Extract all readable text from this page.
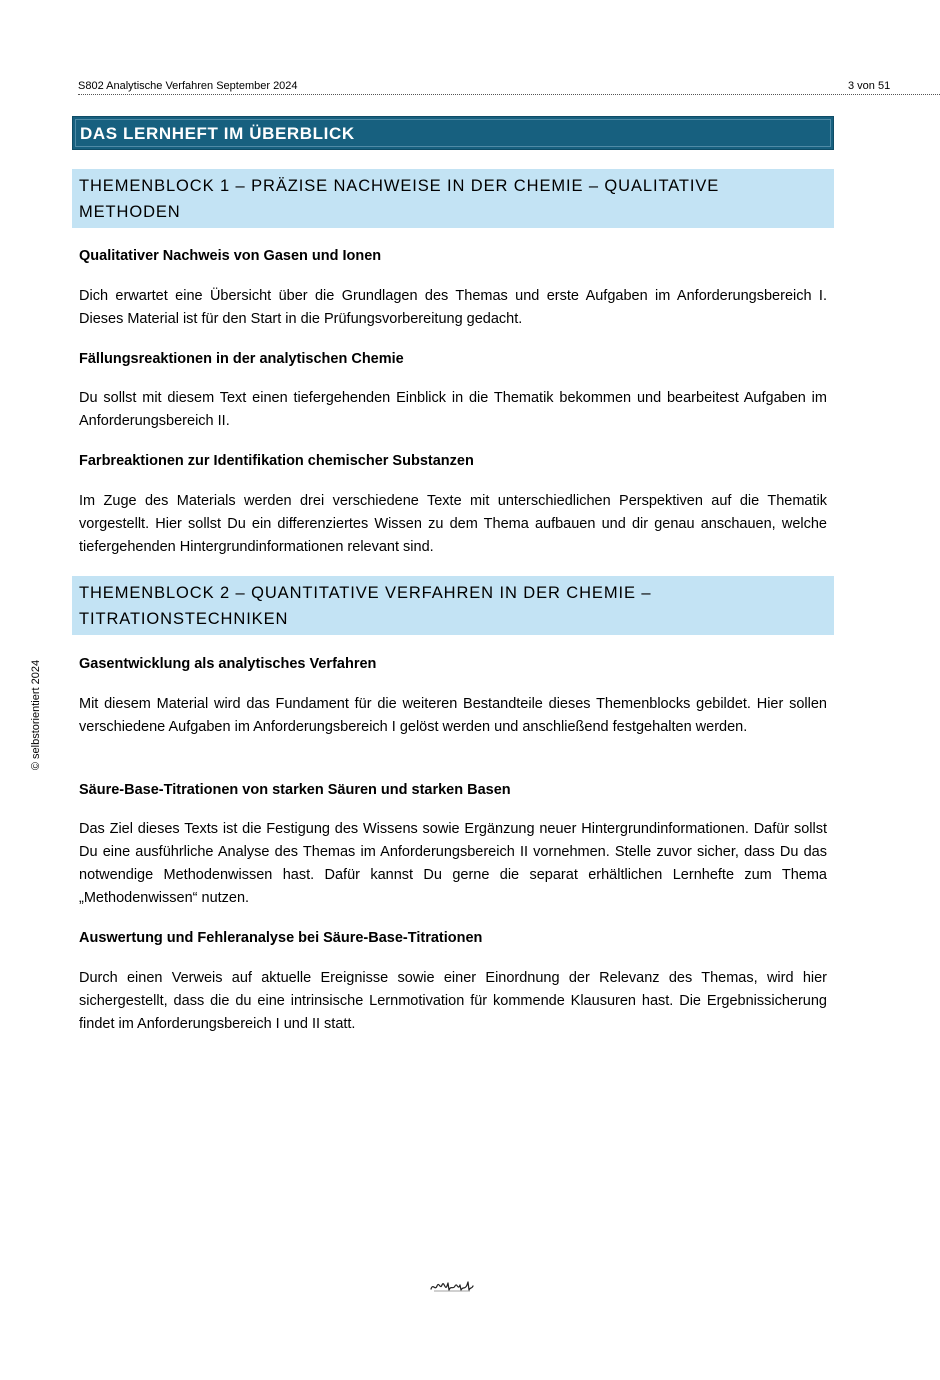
S802 Analytische Verfahren September 2024	3 von 51
© selbstorientiert 2024
DAS LERNHEFT IM ÜBERBLICK
THEMENBLOCK 1 – PRÄZISE NACHWEISE IN DER CHEMIE – QUALITATIVE METHODEN
Qualitativer Nachweis von Gasen und Ionen
Dich erwartet eine Übersicht über die Grundlagen des Themas und erste Aufgaben im Anforderungsbereich I. Dieses Material ist für den Start in die Prüfungsvorbereitung gedacht.
Fällungsreaktionen in der analytischen Chemie
Du sollst mit diesem Text einen tiefergehenden Einblick in die Thematik bekommen und bearbeitest Aufgaben im Anforderungsbereich II.
Farbreaktionen zur Identifikation chemischer Substanzen
Im Zuge des Materials werden drei verschiedene Texte mit unterschiedlichen Perspektiven auf die Thematik vorgestellt. Hier sollst Du ein differenziertes Wissen zu dem Thema aufbauen und dir genau anschauen, welche tiefergehenden Hintergrundinformationen relevant sind.
THEMENBLOCK 2 – QUANTITATIVE VERFAHREN IN DER CHEMIE – TITRATIONSTECHNIKEN
Gasentwicklung als analytisches Verfahren
Mit diesem Material wird das Fundament für die weiteren Bestandteile dieses Themenblocks gebildet. Hier sollen verschiedene Aufgaben im Anforderungsbereich I gelöst werden und anschließend festgehalten werden.
Säure-Base-Titrationen von starken Säuren und starken Basen
Das Ziel dieses Texts ist die Festigung des Wissens sowie Ergänzung neuer Hintergrundinformationen. Dafür sollst Du eine ausführliche Analyse des Themas im Anforderungsbereich II vornehmen. Stelle zuvor sicher, dass Du das notwendige Methodenwissen hast. Dafür kannst Du gerne die separat erhältlichen Lernhefte zum Thema „Methodenwissen“ nutzen.
Auswertung und Fehleranalyse bei Säure-Base-Titrationen
Durch einen Verweis auf aktuelle Ereignisse sowie einer Einordnung der Relevanz des Themas, wird hier sichergestellt, dass die du eine intrinsische Lernmotivation für kommende Klausuren hast. Die Ergebnissicherung findet im Anforderungsbereich I und II statt.
